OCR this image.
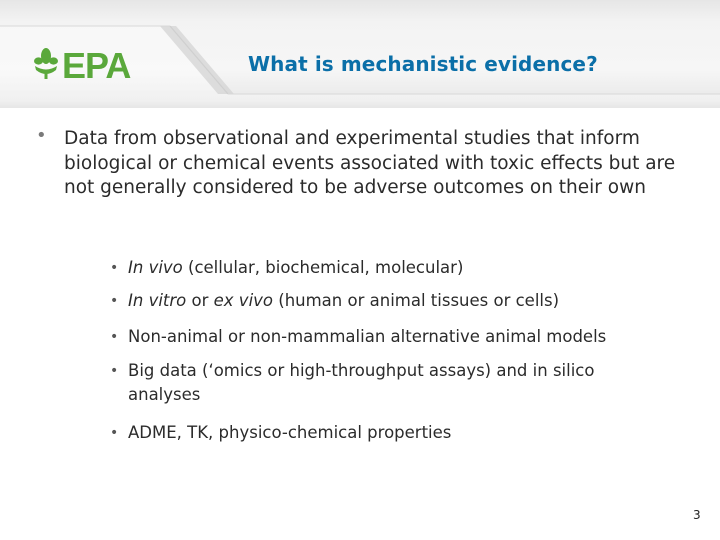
EPA	What is mechanistic evidence?
• Data from observational and experimental studies that inform biological or chemical events associated with toxic effects but are not generally considered to be adverse outcomes on their own
• In vivo (cellular, biochemical, molecular)
• In vitro or ex vivo (human or animal tissues or cells)
• Non-animal or non-mammalian alternative animal models
• Big data (‘omics or high-throughput assays) and in silico analyses
• ADME, TK, physico-chemical properties
3
